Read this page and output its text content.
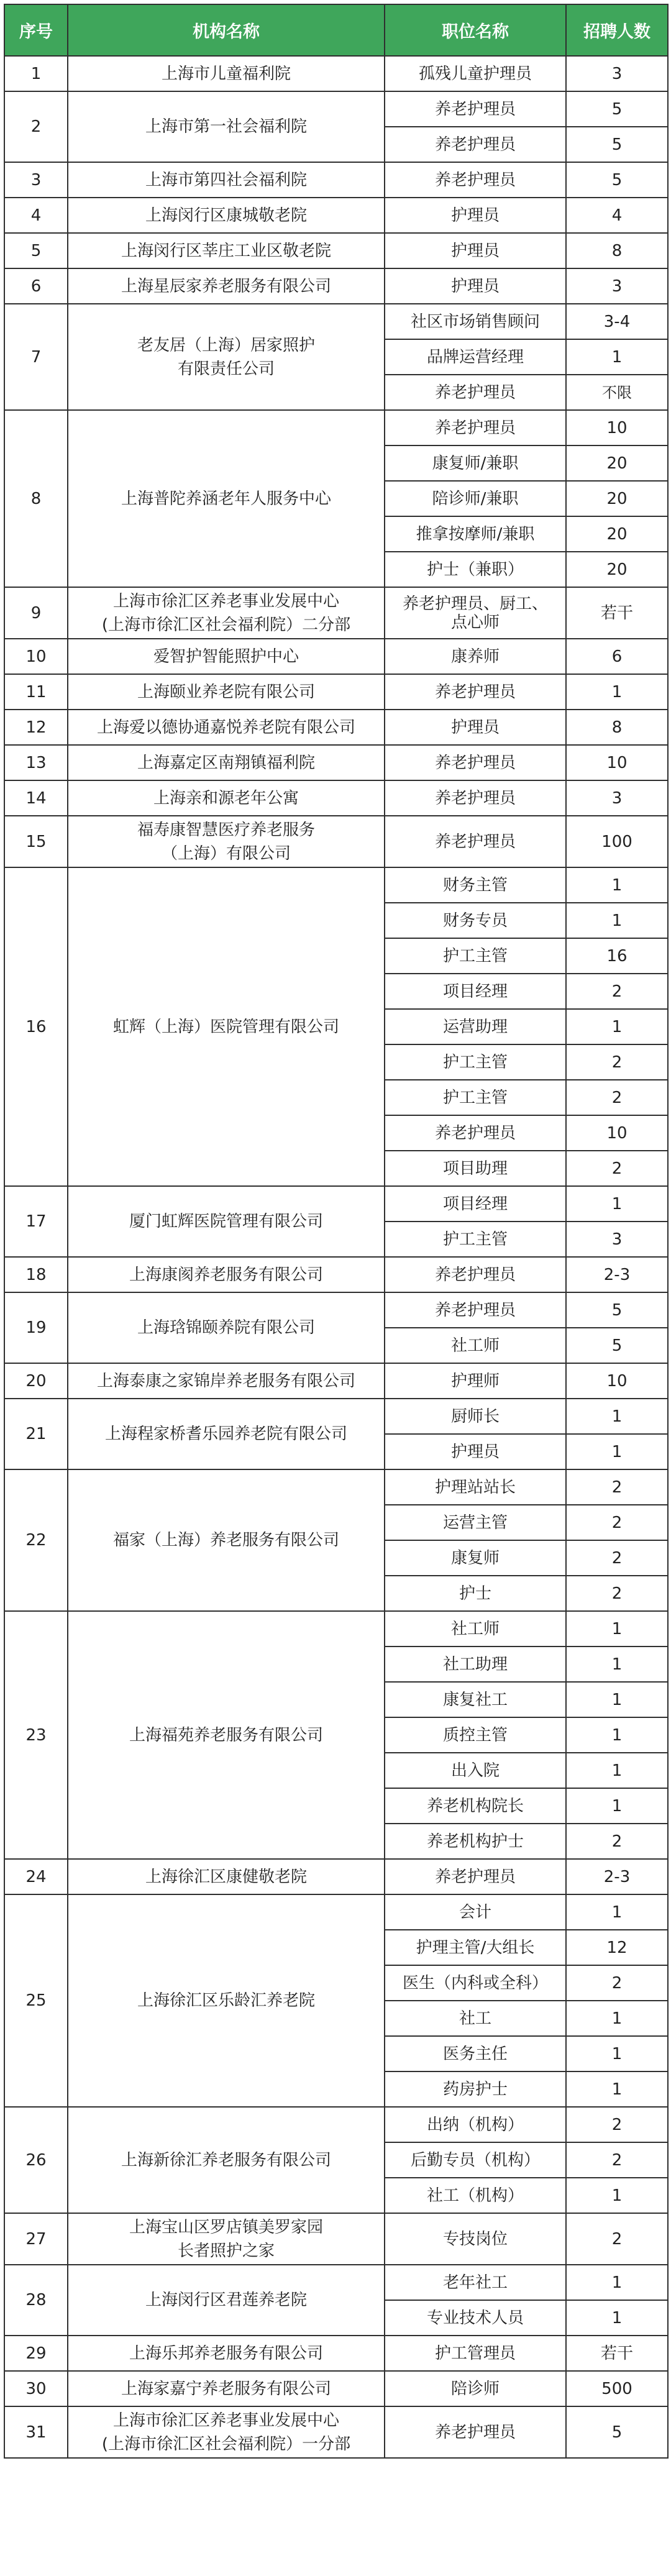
序号	机构名称	职位名称	招聘人数
1	上海市儿童福利院	孤残儿童护理员	3
2	上海市第一社会福利院	养老护理员	5
		养老护理员	5
3	上海市第四社会福利院	养老护理员	5
4	上海闵行区康城敬老院	护理员	4
5	上海闵行区莘庄工业区敬老院	护理员	8
6	上海星辰家养老服务有限公司	护理员	3
7	老友居（上海）居家照护
有限责任公司	社区市场销售顾问	3-4
		品牌运营经理	1
		养老护理员	不限
8	上海普陀养涵老年人服务中心	养老护理员	10
		康复师/兼职	20
		陪诊师/兼职	20
		推拿按摩师/兼职	20
		护士（兼职）	20
9	上海市徐汇区养老事业发展中心
(上海市徐汇区社会福利院）二分部	养老护理员、厨工、
点心师	若干
10	爱智护智能照护中心	康养师	6
11	上海颐业养老院有限公司	养老护理员	1
12	上海爱以德协通嘉悦养老院有限公司	护理员	8
13	上海嘉定区南翔镇福利院	养老护理员	10
14	上海亲和源老年公寓	养老护理员	3
15	福寿康智慧医疗养老服务
（上海）有限公司	养老护理员	100
16	虹辉（上海）医院管理有限公司	财务主管	1
		财务专员	1
		护工主管	16
		项目经理	2
		运营助理	1
		护工主管	2
		护工主管	2
		养老护理员	10
		项目助理	2
17	厦门虹辉医院管理有限公司	项目经理	1
		护工主管	3
18	上海康阂养老服务有限公司	养老护理员	2-3
19	上海琀锦颐养院有限公司	养老护理员	5
		社工师	5
20	上海泰康之家锦岸养老服务有限公司	护理师	10
21	上海程家桥耆乐园养老院有限公司	厨师长	1
		护理员	1
22	福家（上海）养老服务有限公司	护理站站长	2
		运营主管	2
		康复师	2
		护士	2
23	上海福苑养老服务有限公司	社工师	1
		社工助理	1
		康复社工	1
		质控主管	1
		出入院	1
		养老机构院长	1
		养老机构护士	2
24	上海徐汇区康健敬老院	养老护理员	2-3
25	上海徐汇区乐龄汇养老院	会计	1
		护理主管/大组长	12
		医生（内科或全科）	2
		社工	1
		医务主任	1
		药房护士	1
26	上海新徐汇养老服务有限公司	出纳（机构）	2
		后勤专员（机构）	2
		社工（机构）	1
27	上海宝山区罗店镇美罗家园
长者照护之家	专技岗位	2
28	上海闵行区君莲养老院	老年社工	1
		专业技术人员	1
29	上海乐邦养老服务有限公司	护工管理员	若干
30	上海家嘉宁养老服务有限公司	陪诊师	500
31	上海市徐汇区养老事业发展中心
(上海市徐汇区社会福利院）一分部	养老护理员	5
